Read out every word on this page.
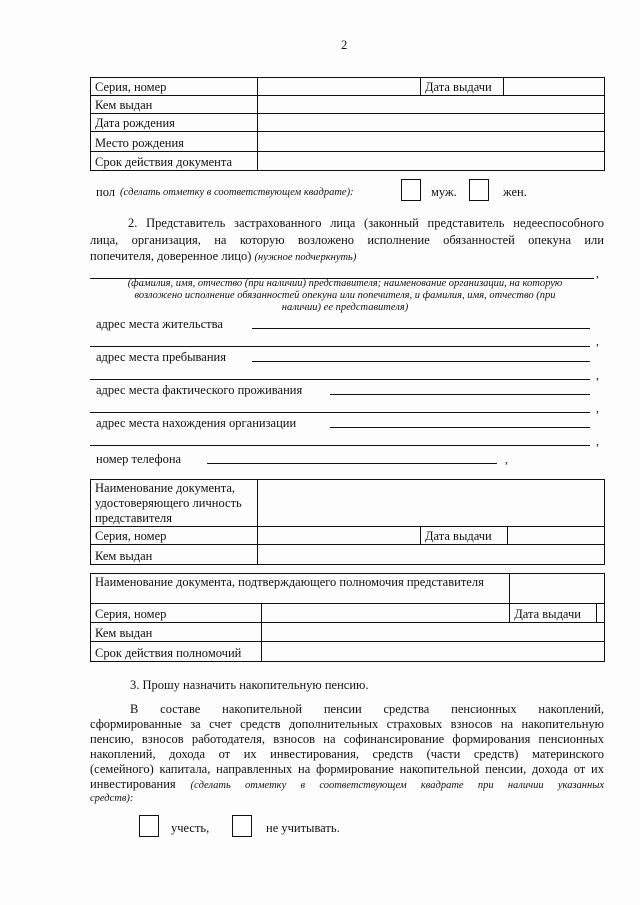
2
Серия, номер		Дата выдачи	
Кем выдан			
Дата рождения			
Место рождения			
Срок действия документа			
пол (сделать отметку в соответствующем квадрате):	муж.	жен.
2. Представитель застрахованного лица (законный представитель недееспособного
лица, организация, на которую возложено исполнение обязанностей опекуна или
попечителя, доверенное лицо) (нужное подчеркнуть)
,
(фамилия, имя, отчество (при наличии) представителя; наименование организации, на которую
возложено исполнение обязанностей опекуна или попечителя, и фамилия, имя, отчество (при
наличии) ее представителя)
адрес места жительства
,
адрес места пребывания
,
адрес места фактического проживания
,
адрес места нахождения организации
,
номер телефона	,
Наименование документа, удостоверяющего личность представителя			
Серия, номер		Дата выдачи	
Кем выдан			
Наименование документа, подтверждающего полномочия представителя			
Серия, номер		Дата выдачи	
Кем выдан			
Срок действия полномочий			
3. Прошу назначить накопительную пенсию.
В составе накопительной пенсии средства пенсионных накоплений,
сформированные за счет средств дополнительных страховых взносов на накопительную
пенсию, взносов работодателя, взносов на софинансирование формирования пенсионных
накоплений, дохода от их инвестирования, средств (части средств) материнского
(семейного) капитала, направленных на формирование накопительной пенсии, дохода от их
инвестирования (сделать отметку в соответствующем квадрате при наличии указанных
средств):
учесть,	не учитывать.
